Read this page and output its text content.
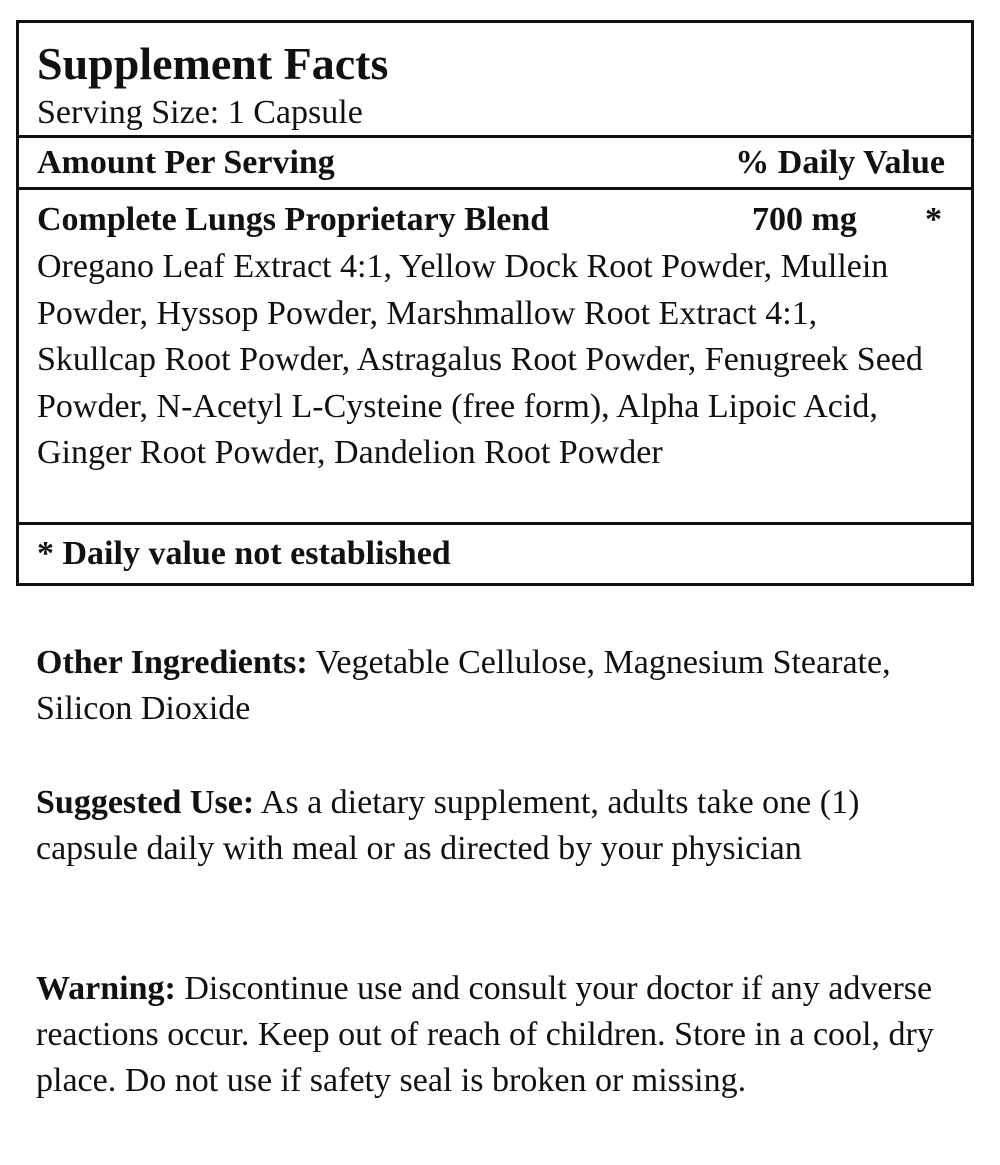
Supplement Facts
Serving Size: 1 Capsule
Amount Per Serving	% Daily Value
Complete Lungs Proprietary Blend	700 mg	*
Oregano Leaf Extract 4:1, Yellow Dock Root Powder, Mullein Powder, Hyssop Powder, Marshmallow Root Extract 4:1, Skullcap Root Powder, Astragalus Root Powder, Fenugreek Seed Powder, N-Acetyl L-Cysteine (free form), Alpha Lipoic Acid, Ginger Root Powder, Dandelion Root Powder
* Daily value not established
Other Ingredients: Vegetable Cellulose, Magnesium Stearate, Silicon Dioxide
Suggested Use: As a dietary supplement, adults take one (1) capsule daily with meal or as directed by your physician
Warning: Discontinue use and consult your doctor if any adverse reactions occur. Keep out of reach of children. Store in a cool, dry place. Do not use if safety seal is broken or missing.
